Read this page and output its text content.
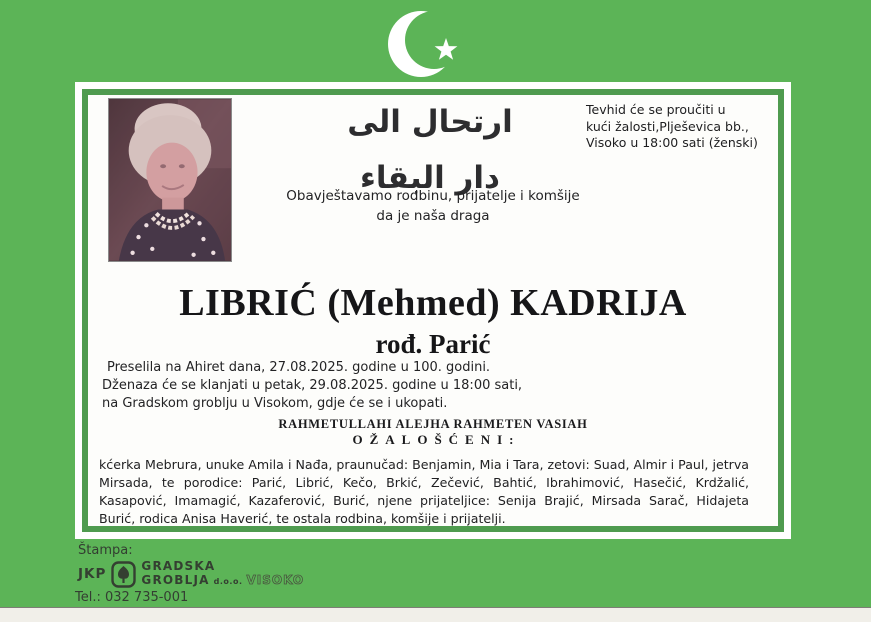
ارتحال الى دار البقاء
Tevhid će se proučiti u
kući žalosti,Plješevica bb.,
Visoko u 18:00 sati (ženski)
Obavještavamo rodbinu, prijatelje i komšije
da je naša draga
LIBRIĆ (Mehmed) KADRIJA
rođ. Parić
Preselila na Ahiret dana, 27.08.2025. godine u 100. godini.
Dženaza će se klanjati u petak, 29.08.2025. godine u 18:00 sati,
na Gradskom groblju u Visokom, gdje će se i ukopati.
RAHMETULLAHI ALEJHA RAHMETEN VASIAH
OŽALOŠĆENI:
kćerka Mebrura, unuke Amila i Nađa, praunučad: Benjamin, Mia i Tara, zetovi: Suad, Almir i Paul, jetrva Mirsada, te porodice: Parić, Librić, Kečo, Brkić, Zečević, Bahtić, Ibrahimović, Hasečić, Krdžalić, Kasapović, Imamagić, Kazaferović, Burić, njene prijateljice: Senija Brajić, Mirsada Sarač, Hidajeta Burić, rodica Anisa Haverić, te ostala rodbina, komšije i prijatelji.
Štampa:
JKP	GRADSKA
GROBLJA d.o.o. VISOKO
Tel.: 032 735-001
